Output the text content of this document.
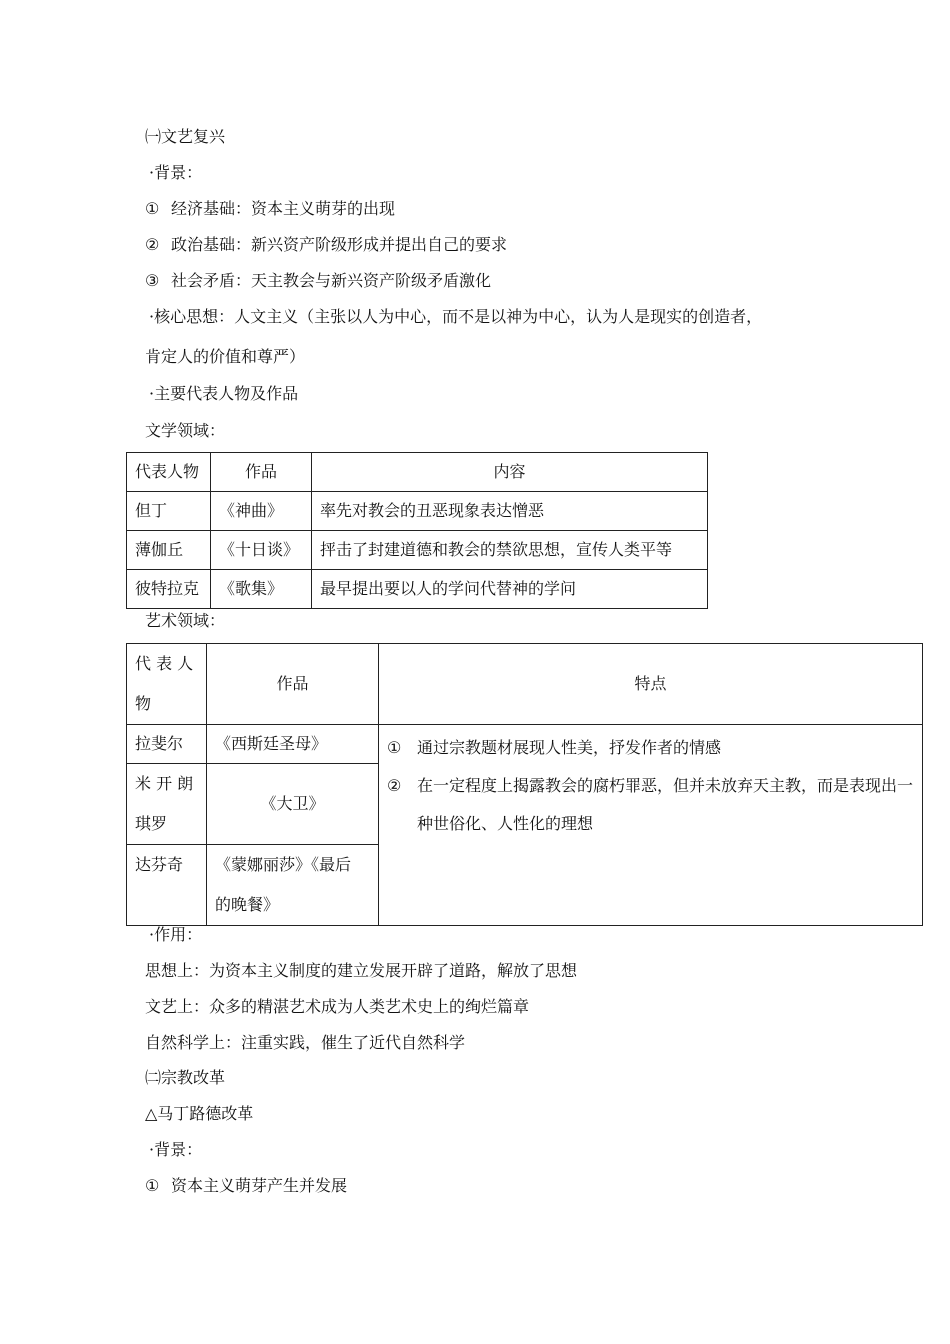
㈠文艺复兴
·背景：
① 经济基础：资本主义萌芽的出现
② 政治基础：新兴资产阶级形成并提出自己的要求
③ 社会矛盾：天主教会与新兴资产阶级矛盾激化
·核心思想：人文主义（主张以人为中心，而不是以神为中心，认为人是现实的创造者，
肯定人的价值和尊严）
·主要代表人物及作品
文学领域：
代表人物	作品	内容
但丁	《神曲》	率先对教会的丑恶现象表达憎恶
薄伽丘	《十日谈》	抨击了封建道德和教会的禁欲思想，宣传人类平等
彼特拉克	《歌集》	最早提出要以人的学问代替神的学问
艺术领域：
代 表 人
物	作品	特点
拉斐尔	《西斯廷圣母》	① 通过宗教题材展现人性美，抒发作者的情感
② 在一定程度上揭露教会的腐朽罪恶，但并未放弃天主教，而是表现出一种世俗化、人性化的理想

米 开 朗
琪罗	《大卫》	
达芬奇	《蒙娜丽莎》《最后
的晚餐》	
·作用：
思想上：为资本主义制度的建立发展开辟了道路，解放了思想
文艺上：众多的精湛艺术成为人类艺术史上的绚烂篇章
自然科学上：注重实践，催生了近代自然科学
㈡宗教改革
△马丁路德改革
·背景：
① 资本主义萌芽产生并发展
